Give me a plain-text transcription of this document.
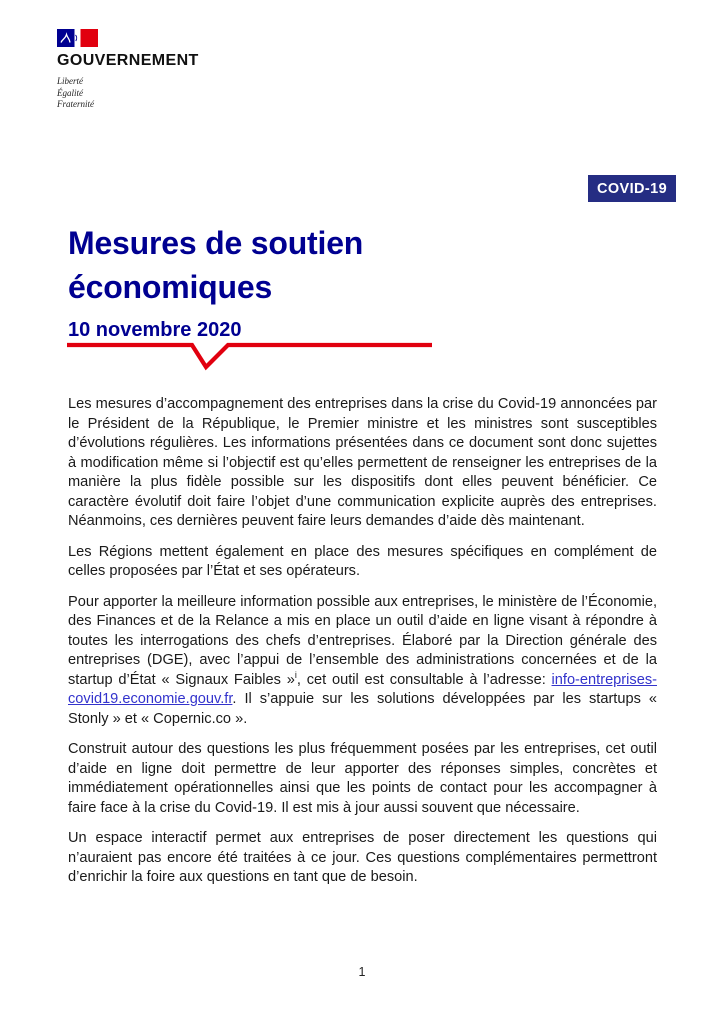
GOUVERNEMENT
Liberté
Égalité
Fraternité
COVID-19
Mesures de soutien
économiques
10 novembre 2020

Les mesures d’accompagnement des entreprises dans la crise du Covid-19 annoncées par le Président de la République, le Premier ministre et les ministres sont susceptibles d’évolutions régulières. Les informations présentées dans ce document sont donc sujettes à modification même si l’objectif est qu’elles permettent de renseigner les entreprises de la manière la plus fidèle possible sur les dispositifs dont elles peuvent bénéficier. Ce caractère évolutif doit faire l’objet d’une communication explicite auprès des entreprises. Néanmoins, ces dernières peuvent faire leurs demandes d’aide dès maintenant.

Les Régions mettent également en place des mesures spécifiques en complément de celles proposées par l’État et ses opérateurs.

Pour apporter la meilleure information possible aux entreprises, le ministère de l’Économie, des Finances et de la Relance a mis en place un outil d’aide en ligne visant à répondre à toutes les interrogations des chefs d’entreprises. Élaboré par la Direction générale des entreprises (DGE), avec l’appui de l’ensemble des administrations concernées et de la startup d’État « Signaux Faibles »$^i$, cet outil est consultable à l’adresse: info-entreprises-covid19.economie.gouv.fr. Il s’appuie sur les solutions développées par les startups « Stonly » et « Copernic.co ».

Construit autour des questions les plus fréquemment posées par les entreprises, cet outil d’aide en ligne doit permettre de leur apporter des réponses simples, concrètes et immédiatement opérationnelles ainsi que les points de contact pour les accompagner à faire face à la crise du Covid-19. Il est mis à jour aussi souvent que nécessaire.

Un espace interactif permet aux entreprises de poser directement les questions qui n’auraient pas encore été traitées à ce jour. Ces questions complémentaires permettront d’enrichir la foire aux questions en tant que de besoin.

1
